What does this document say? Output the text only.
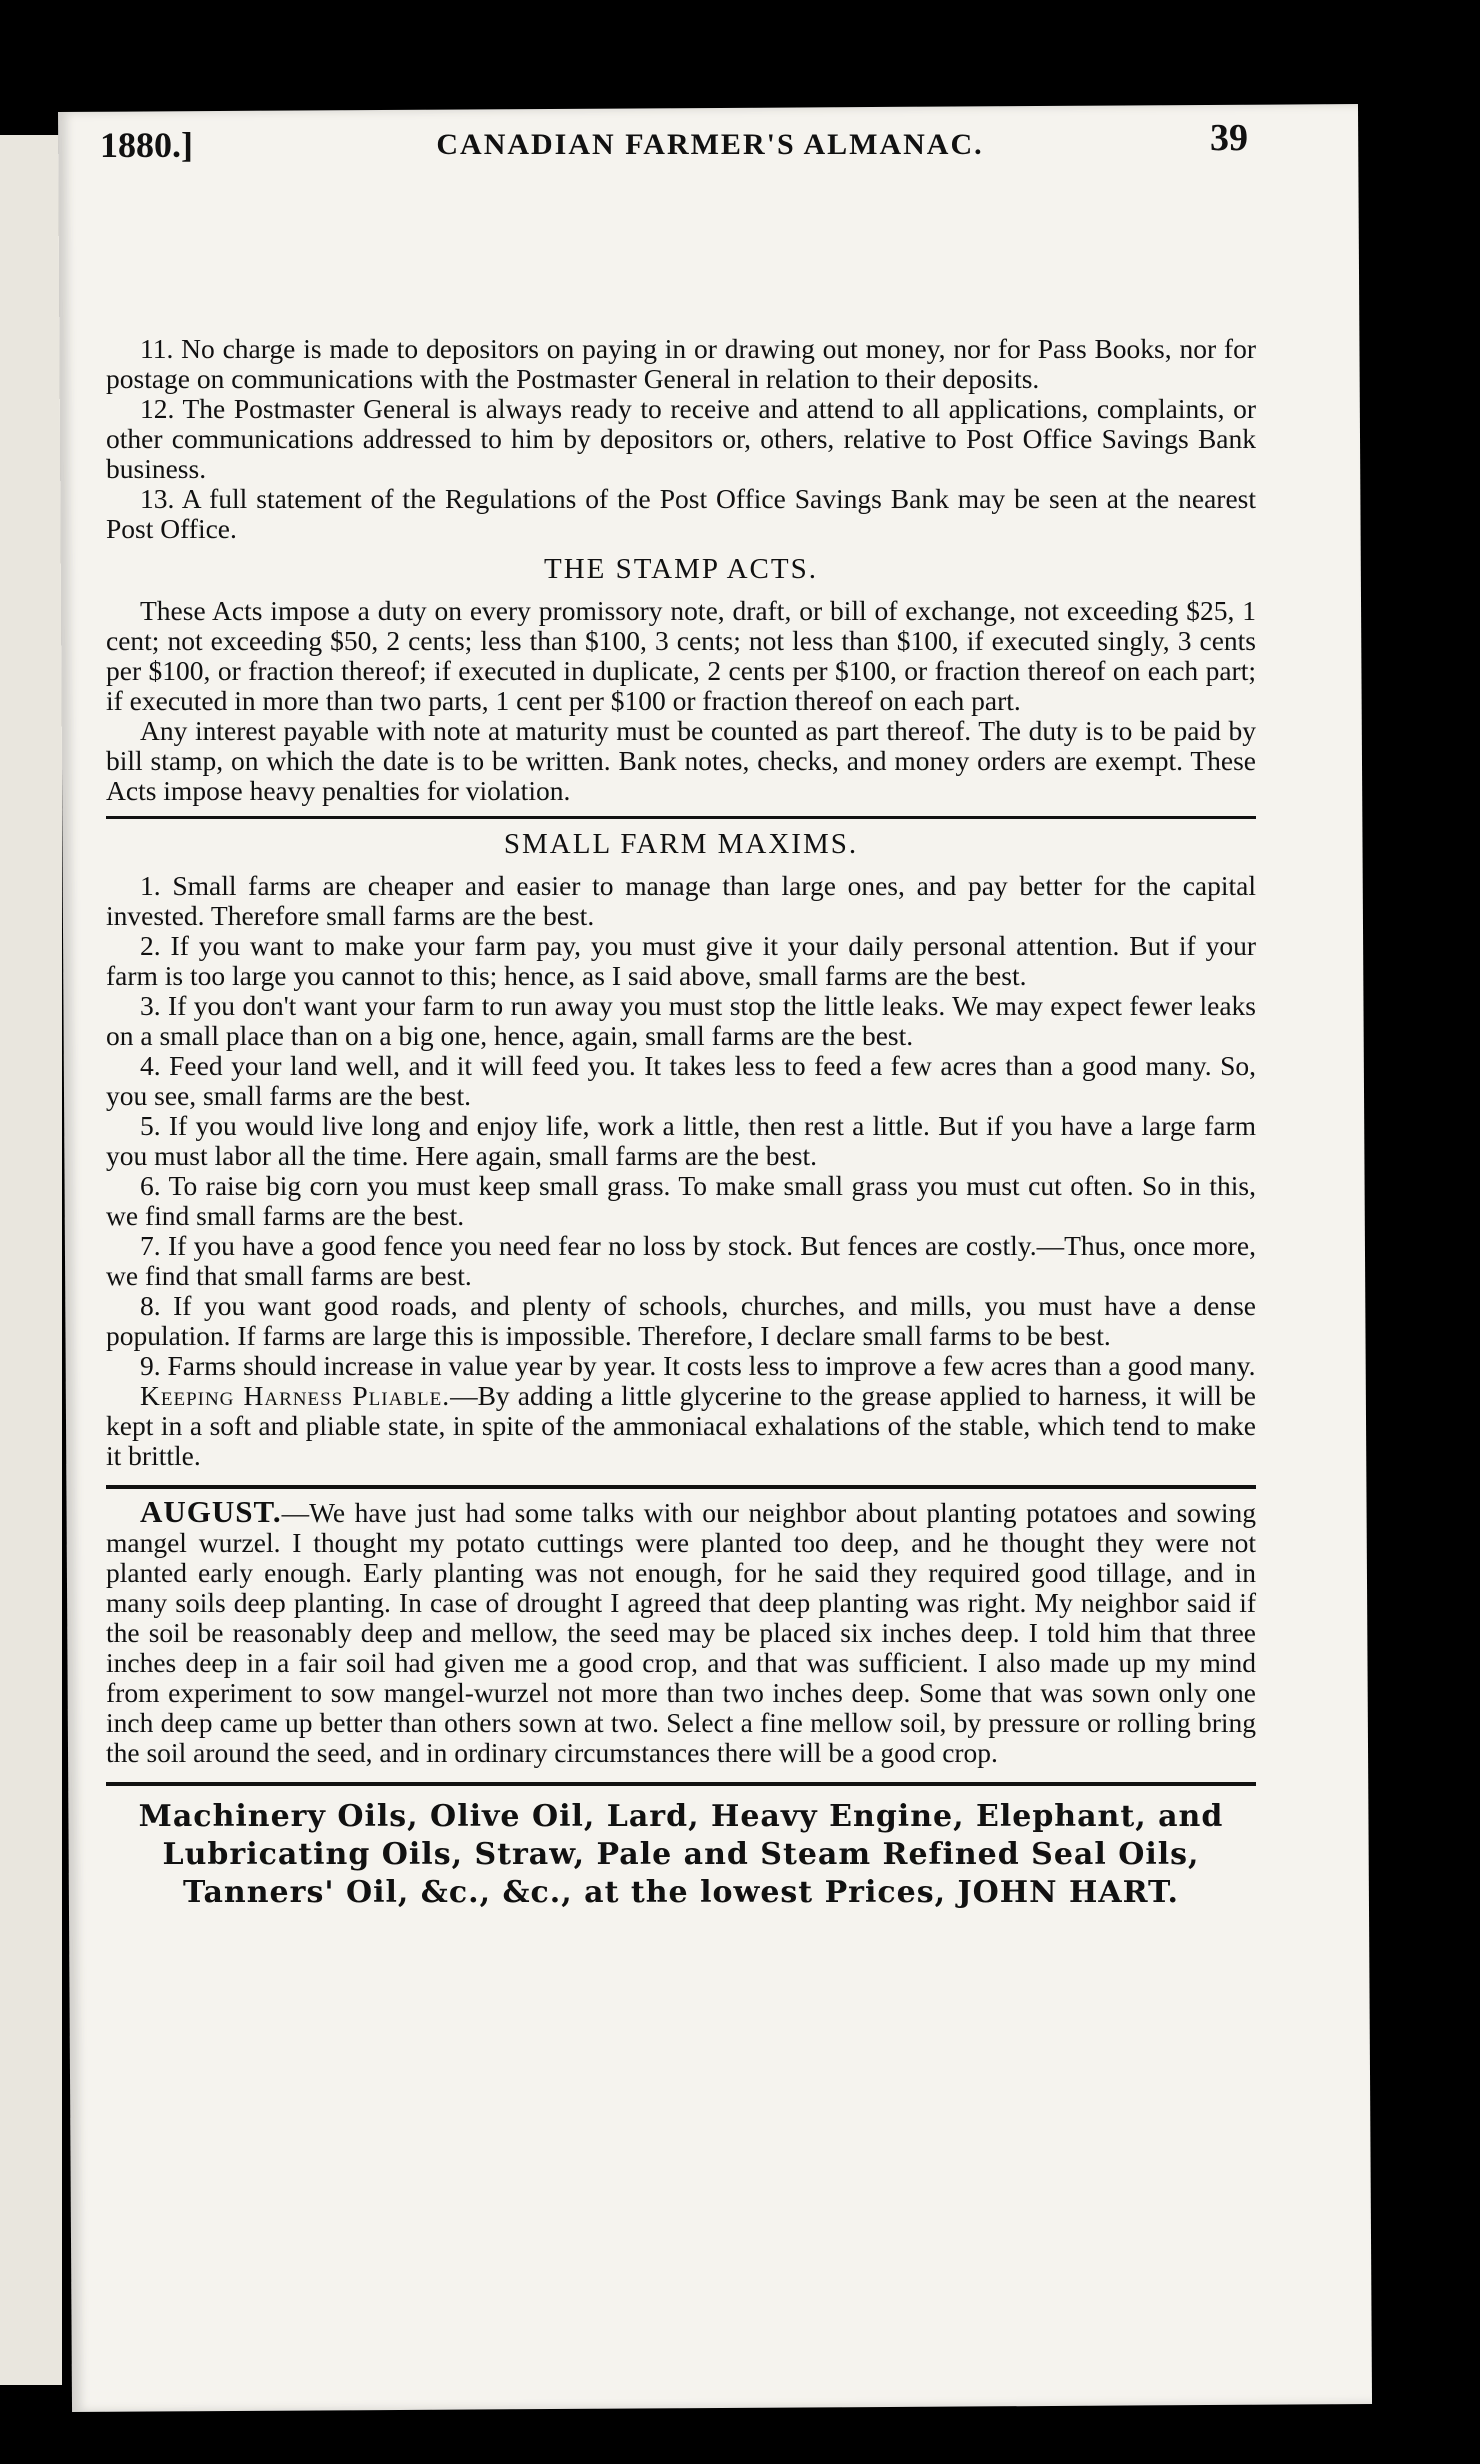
1880.]	CANADIAN FARMER'S ALMANAC.	39

11. No charge is made to depositors on paying in or drawing out money, nor for Pass Books, nor for postage on communications with the Postmaster General in relation to their deposits.

12. The Postmaster General is always ready to receive and attend to all applications, complaints, or other communications addressed to him by depositors or, others, relative to Post Office Savings Bank business.

13. A full statement of the Regulations of the Post Office Savings Bank may be seen at the nearest Post Office.

THE STAMP ACTS.

These Acts impose a duty on every promissory note, draft, or bill of exchange, not exceeding $25, 1 cent; not exceeding $50, 2 cents; less than $100, 3 cents; not less than $100, if executed singly, 3 cents per $100, or fraction thereof; if executed in duplicate, 2 cents per $100, or fraction thereof on each part; if executed in more than two parts, 1 cent per $100 or fraction thereof on each part.

Any interest payable with note at maturity must be counted as part thereof. The duty is to be paid by bill stamp, on which the date is to be written. Bank notes, checks, and money orders are exempt. These Acts impose heavy penalties for violation.

SMALL FARM MAXIMS.

1. Small farms are cheaper and easier to manage than large ones, and pay better for the capital invested. Therefore small farms are the best.

2. If you want to make your farm pay, you must give it your daily personal attention. But if your farm is too large you cannot to this; hence, as I said above, small farms are the best.

3. If you don't want your farm to run away you must stop the little leaks. We may expect fewer leaks on a small place than on a big one, hence, again, small farms are the best.

4. Feed your land well, and it will feed you. It takes less to feed a few acres than a good many. So, you see, small farms are the best.

5. If you would live long and enjoy life, work a little, then rest a little. But if you have a large farm you must labor all the time. Here again, small farms are the best.

6. To raise big corn you must keep small grass. To make small grass you must cut often. So in this, we find small farms are the best.

7. If you have a good fence you need fear no loss by stock. But fences are costly.—Thus, once more, we find that small farms are best.

8. If you want good roads, and plenty of schools, churches, and mills, you must have a dense population. If farms are large this is impossible. Therefore, I declare small farms to be best.

9. Farms should increase in value year by year. It costs less to improve a few acres than a good many.

Keeping Harness Pliable.—By adding a little glycerine to the grease applied to harness, it will be kept in a soft and pliable state, in spite of the ammoniacal exhalations of the stable, which tend to make it brittle.

AUGUST.—We have just had some talks with our neighbor about planting potatoes and sowing mangel wurzel. I thought my potato cuttings were planted too deep, and he thought they were not planted early enough. Early planting was not enough, for he said they required good tillage, and in many soils deep planting. In case of drought I agreed that deep planting was right. My neighbor said if the soil be reasonably deep and mellow, the seed may be placed six inches deep. I told him that three inches deep in a fair soil had given me a good crop, and that was sufficient. I also made up my mind from experiment to sow mangel-wurzel not more than two inches deep. Some that was sown only one inch deep came up better than others sown at two. Select a fine mellow soil, by pressure or rolling bring the soil around the seed, and in ordinary circumstances there will be a good crop.

Machinery Oils, Olive Oil, Lard, Heavy Engine, Elephant, and
Lubricating Oils, Straw, Pale and Steam Refined Seal Oils,
Tanners' Oil, &c., &c., at the lowest Prices, JOHN HART.
